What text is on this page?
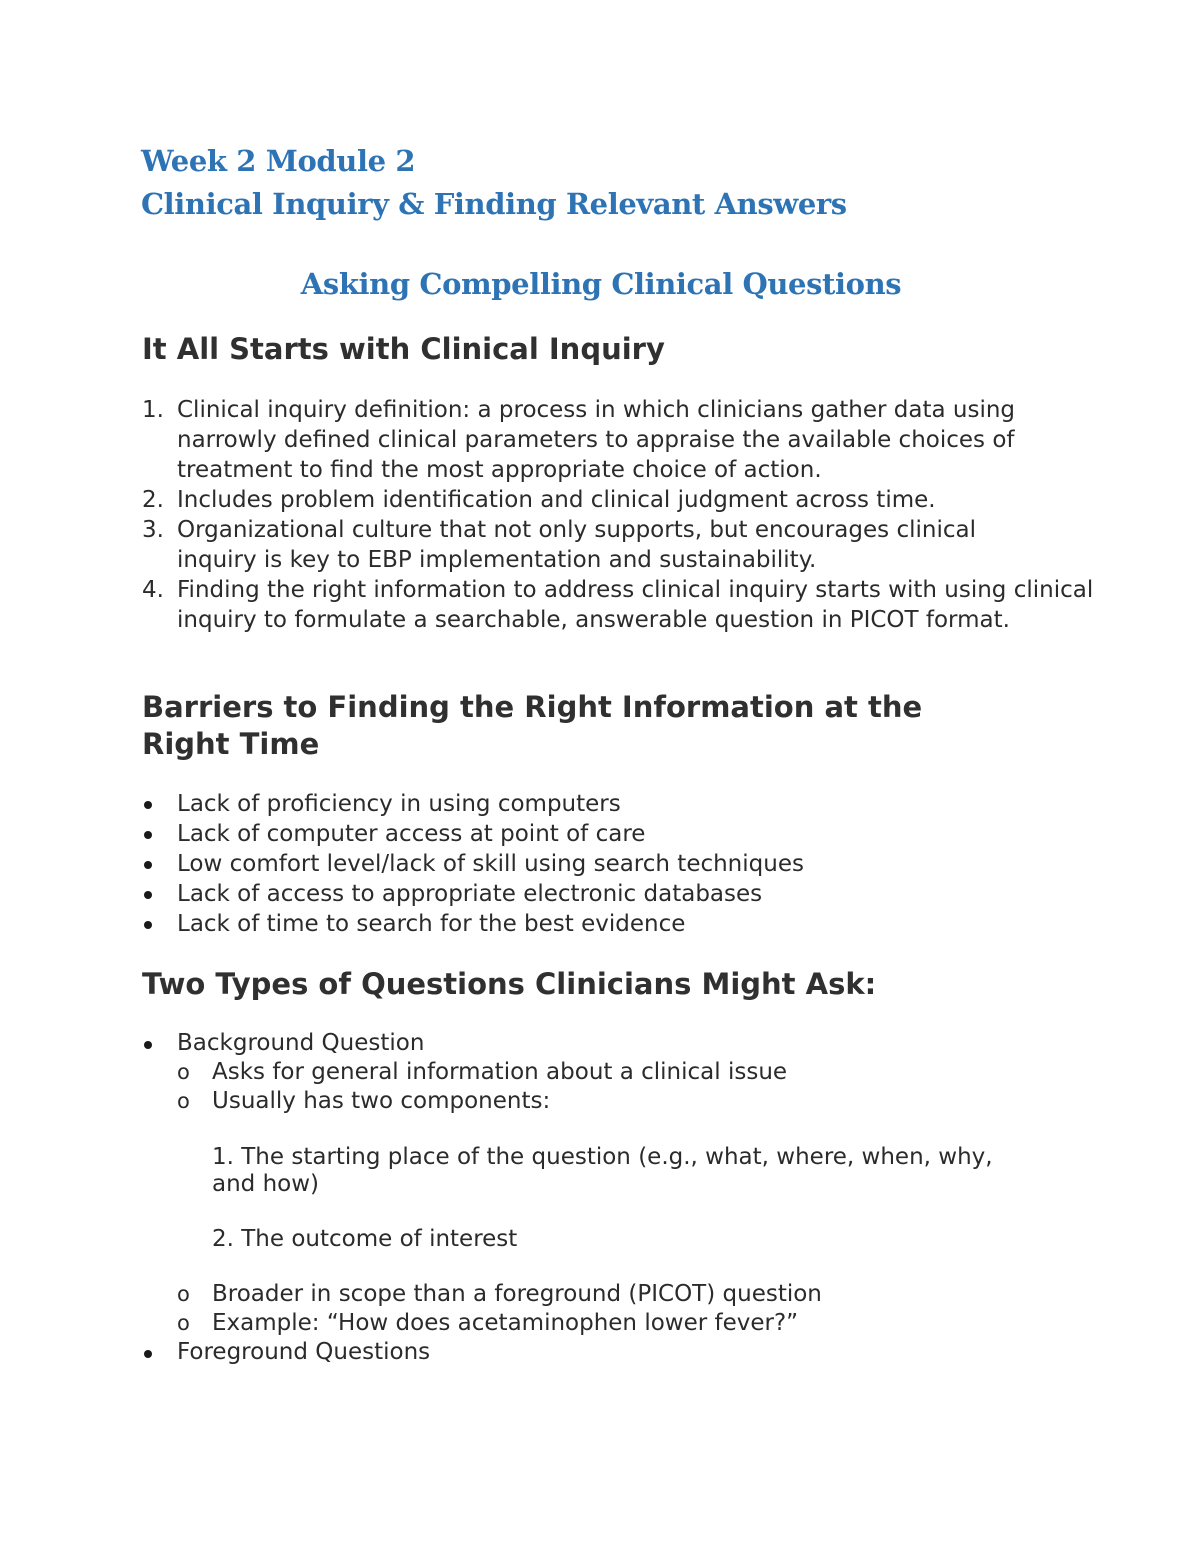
Week 2 Module 2
Clinical Inquiry & Finding Relevant Answers
Asking Compelling Clinical Questions
It All Starts with Clinical Inquiry
1. Clinical inquiry definition: a process in which clinicians gather data using narrowly defined clinical parameters to appraise the available choices of treatment to find the most appropriate choice of action.
2. Includes problem identification and clinical judgment across time.
3. Organizational culture that not only supports, but encourages clinical inquiry is key to EBP implementation and sustainability.
4. Finding the right information to address clinical inquiry starts with using clinical inquiry to formulate a searchable, answerable question in PICOT format.
Barriers to Finding the Right Information at the
Right Time
Lack of proficiency in using computers
Lack of computer access at point of care
Low comfort level/lack of skill using search techniques
Lack of access to appropriate electronic databases
Lack of time to search for the best evidence
Two Types of Questions Clinicians Might Ask:
Background Question
o Asks for general information about a clinical issue
o Usually has two components:
1. The starting place of the question (e.g., what, where, when, why, and how)
2. The outcome of interest
o Broader in scope than a foreground (PICOT) question
o Example: “How does acetaminophen lower fever?”
Foreground Questions
